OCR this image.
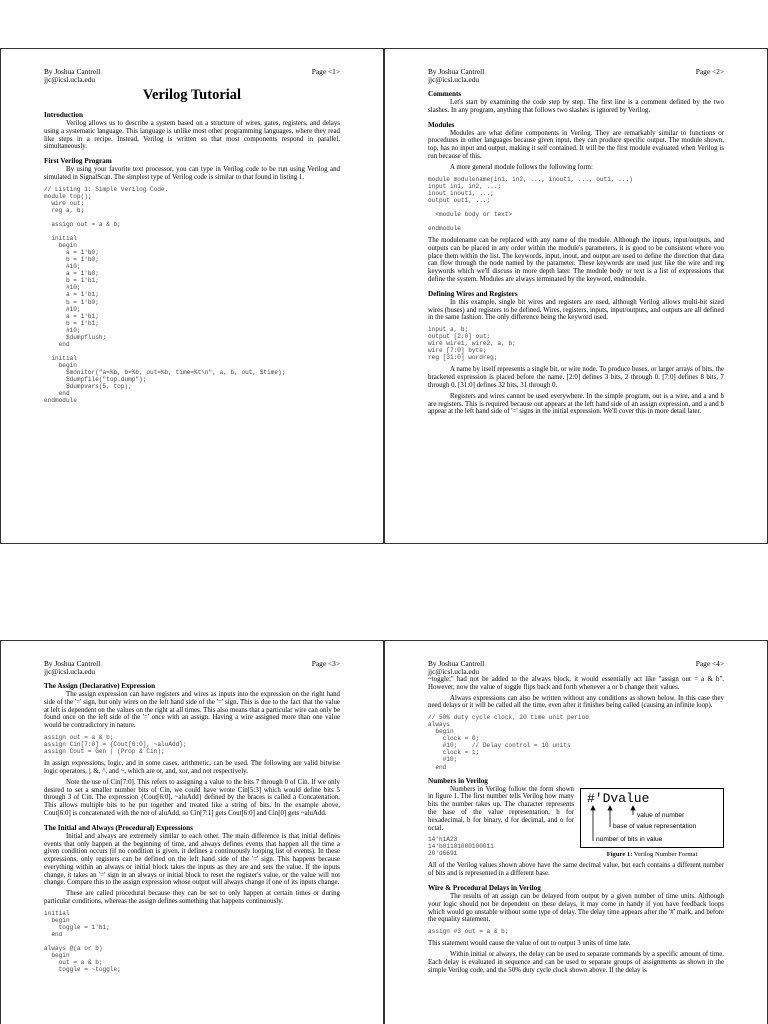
By Joshua Cantrell
jjc@icsl.ucla.edu
Page <1>
Verilog Tutorial
Introduction

Verilog allows us to describe a system based on a structure of wires, gates, registers, and delays using a systematic language. This language is unlike most other programming languages, where they read like steps in a recipe. Instead, Verilog is written so that most components respond in parallel, simultaneously.

First Verilog Program

By using your favorite text processor, you can type in Verilog code to be run using Verilog and simulated in SignalScan. The simplest type of Verilog code is similar to that found in listing 1.

// Listing 1: Simple Verilog Code.
module top();
wire out;
reg a, b;

assign out = a & b;

initial
begin
a = 1'b0;
b = 1'b0;
#10;
a = 1'b0;
b = 1'b1;
#10;
a = 1'b1;
b = 1'b0;
#10;
a = 1'b1;
b = 1'b1;
#10;
$dumpflush;
end

initial
begin
$monitor("a=%b, b=%b, out=%b, time=%t\n", a, b, out, $time);
$dumpfile("top.dump");
$dumpvars(5, top);
end
endmodule
By Joshua Cantrell
jjc@icsl.ucla.edu
Page <2>
Comments

Let's start by examining the code step by step. The first line is a comment defined by the two slashes. In any program, anything that follows two slashes is ignored by Verilog.

Modules

Modules are what define components in Verilog. They are remarkably similar to functions or procedures in other languages because given input, they can produce specific output. The module shown, top, has no input and output, making it self contained. It will be the first module evaluated when Verilog is run because of this.

A more general module follows the following form:

module modulename(in1, in2, ..., inout1, ..., out1, ...)
input in1, in2, ...;
inout inout1, ...;
output out1, ...;

<module body or text>

endmodule

The modulename can be replaced with any name of the module. Although the inputs, input/outputs, and outputs can be placed in any order within the module's parameters, it is good to be consistent where you place them within the list. The keywords, input, inout, and output are used to define the direction that data can flow through the node named by the parameter. These keywords are used just like the wire and reg keywords which we'll discuss in more depth later. The module body or text is a list of expressions that define the system. Modules are always terminated by the keyword, endmodule.

Defining Wires and Registers

In this example, single bit wires and registers are used, although Verilog allows multi-bit sized wires (buses) and registers to be defined. Wires, registers, inputs, input/outputs, and outputs are all defined in the same fashion. The only difference being the keyword used.

input a, b;
output [2:0] out;
wire wire1, wire2, a, b;
wire [7:0] byte;
reg [31:0] wordreg;

A name by itself represents a single bit, or wire node. To produce buses, or larger arrays of bits, the bracketed expression is placed before the name. [2:0] defines 3 bits, 2 through 0. [7:0] defines 8 bits, 7 through 0. [31:0] defines 32 bits, 31 through 0.

Registers and wires cannot be used everywhere. In the simple program, out is a wire, and a and b are registers. This is required because out appears at the left hand side of an assign expression, and a and b appear at the left hand side of '=' signs in the initial expression. We'll cover this in more detail later.

By Joshua Cantrell
jjc@icsl.ucla.edu
Page <3>
The Assign (Declarative) Expression

The assign expression can have registers and wires as inputs into the expression on the right hand side of the '=' sign, but only wires on the left hand side of the '=' sign. This is due to the fact that the value at left is dependent on the values on the right at all times. This also means that a particular wire can only be found once on the left side of the '=' once with an assign. Having a wire assigned more than one value would be contradictory in nature.

assign out = a & b;
assign Cin[7:0] = {Cout[6:0], ~aluAdd};
assign Cout = Gen | (Prop & Cin);

In assign expressions, logic, and in some cases, arithmetic, can be used. The following are valid bitwise logic operators, |, &, ^, and ~, which are or, and, xor, and not respectively.

Note the use of Cin[7:0]. This refers to assigning a value to the bits 7 through 0 of Cin. If we only desired to set a smaller number bits of Cin, we could have wrote Cin[5:3] which would define bits 5 through 3 of Cin. The expression {Cout[6:0], ~aluAdd} defined by the braces is called a Concatenation. This allows multiple bits to be put together and treated like a string of bits. In the example above, Cout[6:0] is concatenated with the not of aluAdd, so Cin[7:1] gets Cout[6:0] and Cin[0] gets ~aluAdd.

The Initial and Always (Procedural) Expressions

Initial and always are extremely similar to each other. The main difference is that initial defines events that only happen at the beginning of time, and always defines events that happen all the time a given condition occurs (if no condition is given, it defines a continuously looping list of events). In these expressions, only registers can be defined on the left hand side of the '=' sign. This happens because everything within an always or initial block takes the inputs as they are and sets the value. If the inputs change, it takes an '=' sign in an always or initial block to reset the register's value, or the value will not change. Compare this to the assign expression whose output will always change if one of its inputs change.

These are called procedural because they can be set to only happen at certain times or during particular conditions, whereas the assign defines something that happens continuously.

initial
begin
toggle = 1'b1;
end

always @(a or b)
begin
out = a & b;
toggle = ~toggle;
By Joshua Cantrell
jjc@icsl.ucla.edu
Page <4>

~toggle;" had not be added to the always block, it would essentially act like "assign out = a & b". However, now the value of toggle flips back and forth whenever a or b change their values.

Always expressions can also be written without any conditions as shown below. In this case they need delays or it will be called all the time, even after it finishes being called (causing an infinite loop).

// 50% duty cycle clock, 20 time unit period
always
begin
clock = 0;
#10;    // Delay control = 10 units
clock = 1;
#10;
end
Numbers in Verilog
#'Dvalue
value of number
base of value representation
number of bits in value
Figure 1: Verilog Number Format

Numbers in Verilog follow the form shown in figure 1. The first number tells Verilog how many bits the number takes up. The character represents the base of the value representation, h for hexadecimal, b for binary, d for decimal, and o for octal.

14'h1A23
14'b01101000100011
20'd6691

All of the Verilog values shown above have the same decimal value, but each contains a different number of bits and is represented in a different base.

Wire & Procedural Delays in Verilog

The results of an assign can be delayed from output by a given number of time units. Although your logic should not be dependent on these delays, it may come in handy if you have feedback loops which would go unstable without some type of delay. The delay time appears after the '#' mark, and before the equality statement.

assign #3 out = a & b;

This statement would cause the value of out to output 3 units of time late.

Within initial or always, the delay can be used to separate commands by a specific amount of time. Each delay is evaluated in sequence and can be used to separate groups of assignments as shown in the simple Verilog code, and the 50% duty cycle clock shown above. If the delay is
